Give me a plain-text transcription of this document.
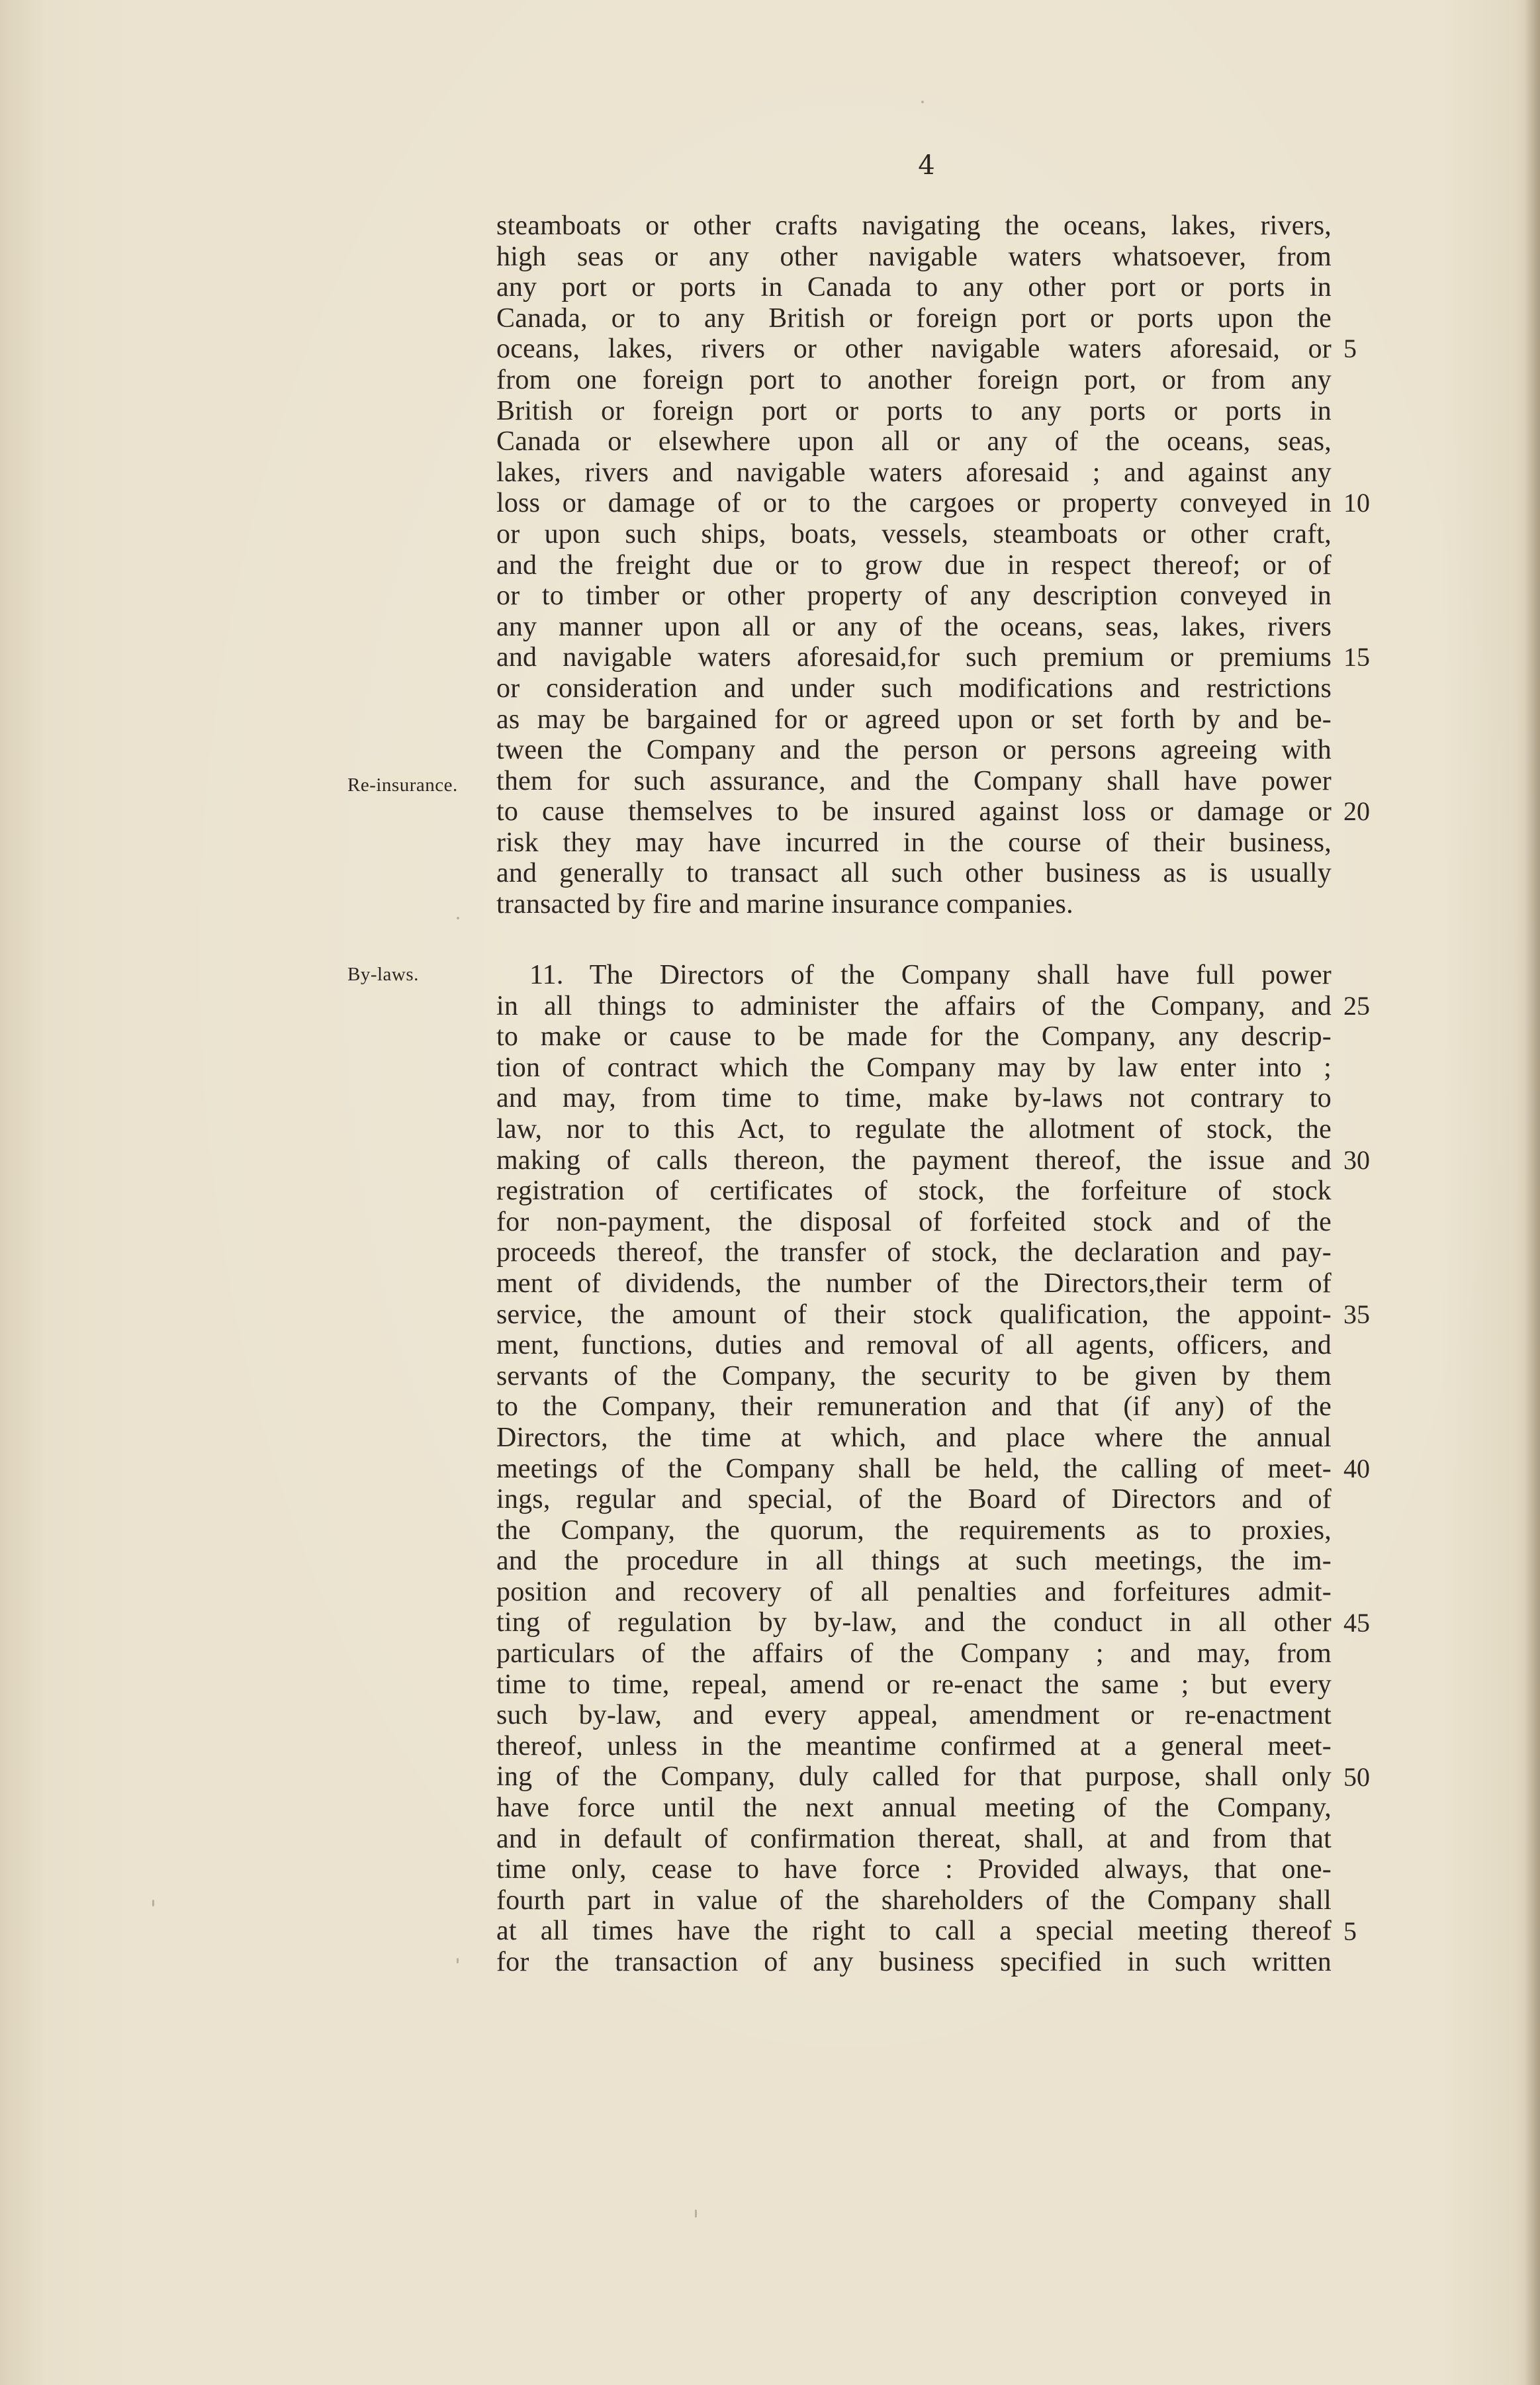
4
Re-insurance.
By-laws.
steamboats or other crafts navigating the oceans, lakes, rivers,
high seas or any other navigable waters whatsoever, from
any port or ports in Canada to any other port or ports in
Canada, or to any British or foreign port or ports upon the
oceans, lakes, rivers or other navigable waters aforesaid, or
from one foreign port to another foreign port, or from any
British or foreign port or ports to any ports or ports in
Canada or elsewhere upon all or any of the oceans, seas,
lakes, rivers and navigable waters aforesaid ; and against any
loss or damage of or to the cargoes or property conveyed in
or upon such ships, boats, vessels, steamboats or other craft,
and the freight due or to grow due in respect thereof; or of
or to timber or other property of any description conveyed in
any manner upon all or any of the oceans, seas, lakes, rivers
and navigable waters aforesaid,for such premium or premiums
or consideration and under such modifications and restrictions
as may be bargained for or agreed upon or set forth by and be-
tween the Company and the person or persons agreeing with
them for such assurance, and the Company shall have power
to cause themselves to be insured against loss or damage or
risk they may have incurred in the course of their business,
and generally to transact all such other business as is usually
transacted by fire and marine insurance companies.
5
10
15
20
11. The Directors of the Company shall have full power
in all things to administer the affairs of the Company, and
to make or cause to be made for the Company, any descrip-
tion of contract which the Company may by law enter into ;
and may, from time to time, make by-laws not contrary to
law, nor to this Act, to regulate the allotment of stock, the
making of calls thereon, the payment thereof, the issue and
registration of certificates of stock, the forfeiture of stock
for non-payment, the disposal of forfeited stock and of the
proceeds thereof, the transfer of stock, the declaration and pay-
ment of dividends, the number of the Directors,their term of
service, the amount of their stock qualification, the appoint-
ment, functions, duties and removal of all agents, officers, and
servants of the Company, the security to be given by them
to the Company, their remuneration and that (if any) of the
Directors, the time at which, and place where the annual
meetings of the Company shall be held, the calling of meet-
ings, regular and special, of the Board of Directors and of
the Company, the quorum, the requirements as to proxies,
and the procedure in all things at such meetings, the im-
position and recovery of all penalties and forfeitures admit-
ting of regulation by by-law, and the conduct in all other
particulars of the affairs of the Company ; and may, from
time to time, repeal, amend or re-enact the same ; but every
such by-law, and every appeal, amendment or re-enactment
thereof, unless in the meantime confirmed at a general meet-
ing of the Company, duly called for that purpose, shall only
have force until the next annual meeting of the Company,
and in default of confirmation thereat, shall, at and from that
time only, cease to have force : Provided always, that one-
fourth part in value of the shareholders of the Company shall
at all times have the right to call a special meeting thereof
for the transaction of any business specified in such written
25
30
35
40
45
50
5
